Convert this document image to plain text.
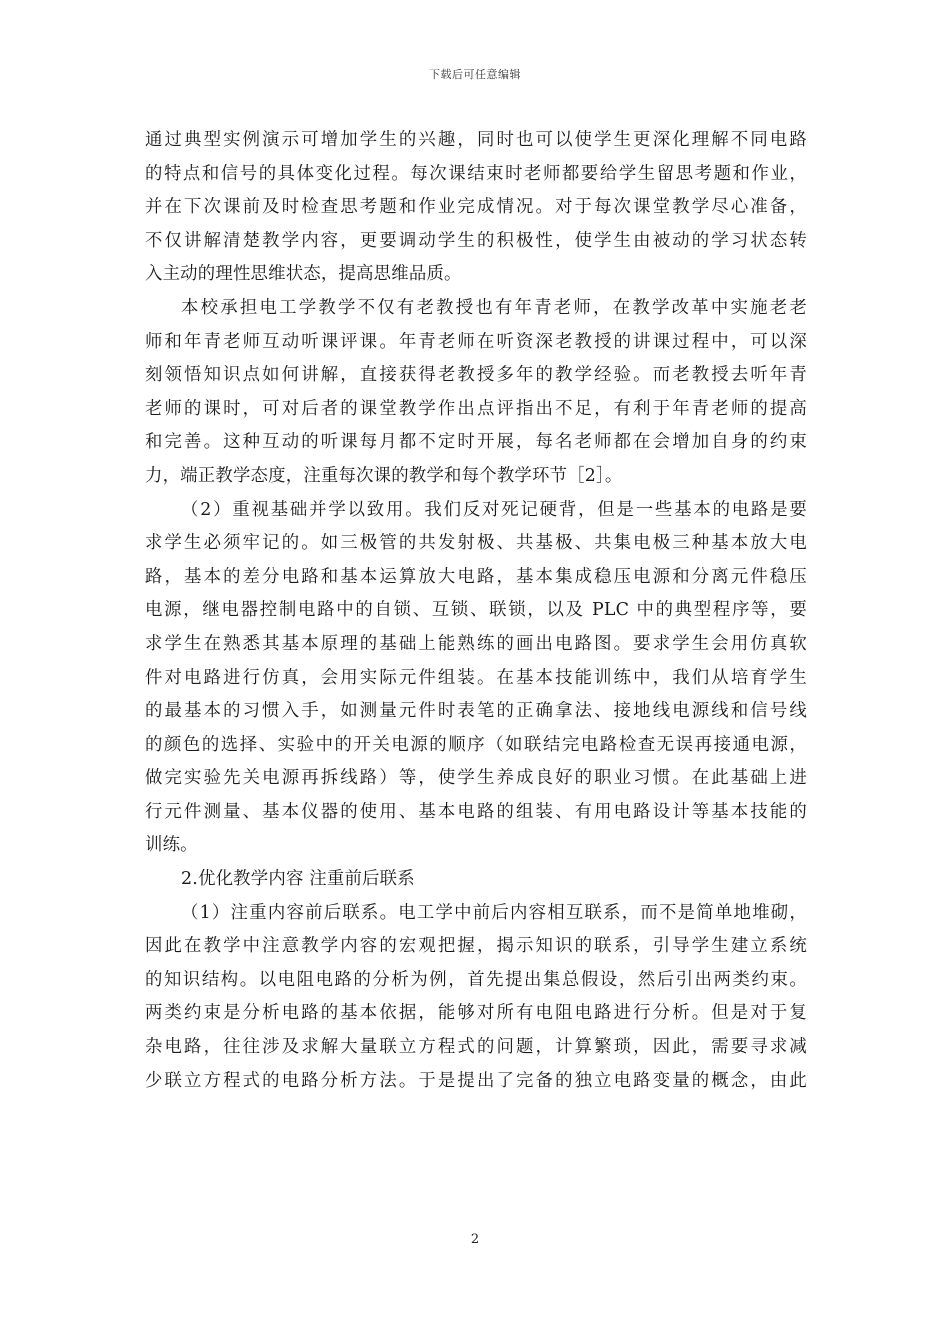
下载后可任意编辑
通过典型实例演示可增加学生的兴趣，同时也可以使学生更深化理解不同电路
的特点和信号的具体变化过程。每次课结束时老师都要给学生留思考题和作业，
并在下次课前及时检查思考题和作业完成情况。对于每次课堂教学尽心准备，
不仅讲解清楚教学内容，更要调动学生的积极性，使学生由被动的学习状态转
入主动的理性思维状态，提高思维品质。
本校承担电工学教学不仅有老教授也有年青老师，在教学改革中实施老老
师和年青老师互动听课评课。年青老师在听资深老教授的讲课过程中，可以深
刻领悟知识点如何讲解，直接获得老教授多年的教学经验。而老教授去听年青
老师的课时，可对后者的课堂教学作出点评指出不足，有利于年青老师的提高
和完善。这种互动的听课每月都不定时开展，每名老师都在会增加自身的约束
力，端正教学态度，注重每次课的教学和每个教学环节［2］。
（2）重视基础并学以致用。我们反对死记硬背，但是一些基本的电路是要
求学生必须牢记的。如三极管的共发射极、共基极、共集电极三种基本放大电
路，基本的差分电路和基本运算放大电路，基本集成稳压电源和分离元件稳压
电源，继电器控制电路中的自锁、互锁、联锁，以及 PLC 中的典型程序等，要
求学生在熟悉其基本原理的基础上能熟练的画出电路图。要求学生会用仿真软
件对电路进行仿真，会用实际元件组装。在基本技能训练中，我们从培育学生
的最基本的习惯入手，如测量元件时表笔的正确拿法、接地线电源线和信号线
的颜色的选择、实验中的开关电源的顺序（如联结完电路检查无误再接通电源，
做完实验先关电源再拆线路）等，使学生养成良好的职业习惯。在此基础上进
行元件测量、基本仪器的使用、基本电路的组装、有用电路设计等基本技能的
训练。
2.优化教学内容 注重前后联系
（1）注重内容前后联系。电工学中前后内容相互联系，而不是简单地堆砌，
因此在教学中注意教学内容的宏观把握，揭示知识的联系，引导学生建立系统
的知识结构。以电阻电路的分析为例，首先提出集总假设，然后引出两类约束。
两类约束是分析电路的基本依据，能够对所有电阻电路进行分析。但是对于复
杂电路，往往涉及求解大量联立方程式的问题，计算繁琐，因此，需要寻求减
少联立方程式的电路分析方法。于是提出了完备的独立电路变量的概念，由此
2
